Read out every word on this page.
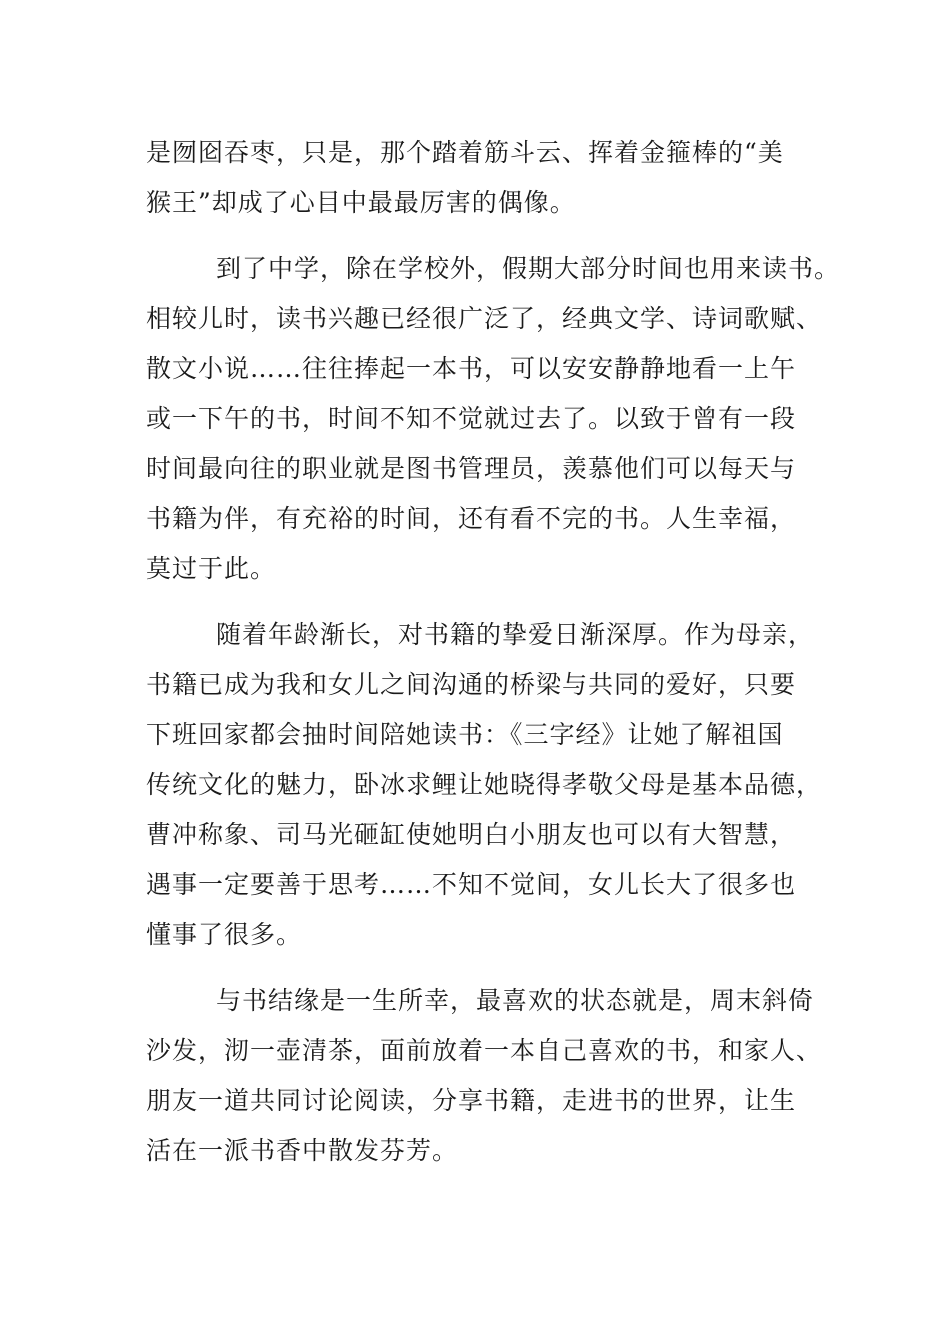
是囫囵吞枣，只是，那个踏着筋斗云、挥着金箍棒的“美
猴王”却成了心目中最最厉害的偶像。
到了中学，除在学校外，假期大部分时间也用来读书。
相较儿时，读书兴趣已经很广泛了，经典文学、诗词歌赋、
散文小说……往往捧起一本书，可以安安静静地看一上午
或一下午的书，时间不知不觉就过去了。以致于曾有一段
时间最向往的职业就是图书管理员，羡慕他们可以每天与
书籍为伴，有充裕的时间，还有看不完的书。人生幸福，
莫过于此。
随着年龄渐长，对书籍的挚爱日渐深厚。作为母亲，
书籍已成为我和女儿之间沟通的桥梁与共同的爱好，只要
下班回家都会抽时间陪她读书：《三字经》让她了解祖国
传统文化的魅力，卧冰求鲤让她晓得孝敬父母是基本品德，
曹冲称象、司马光砸缸使她明白小朋友也可以有大智慧，
遇事一定要善于思考……不知不觉间，女儿长大了很多也
懂事了很多。
与书结缘是一生所幸，最喜欢的状态就是，周末斜倚
沙发，沏一壶清茶，面前放着一本自己喜欢的书，和家人、
朋友一道共同讨论阅读，分享书籍，走进书的世界，让生
活在一派书香中散发芬芳。
